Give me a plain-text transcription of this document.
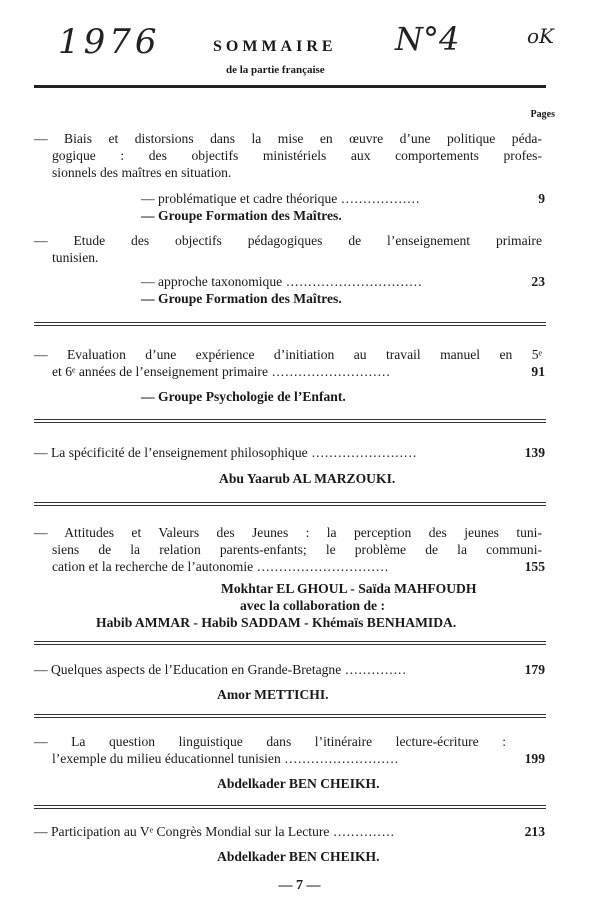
1976	N°4	oK
SOMMAIRE
de la partie française
Pages
— Biais et distorsions dans la mise en œuvre d’une politique péda-
gogique : des objectifs ministériels aux comportements profes-
sionnels des maîtres en situation.
— problématique et cadre théorique ..................	9
— Groupe Formation des Maîtres.
— Etude des objectifs pédagogiques de l’enseignement primaire
tunisien.
— approche taxonomique ...............................	23
— Groupe Formation des Maîtres.
— Evaluation d’une expérience d’initiation au travail manuel en 5ᵉ
et 6ᵉ années de l’enseignement primaire ...........................	91
— Groupe Psychologie de l’Enfant.
— La spécificité de l’enseignement philosophique ........................	139
Abu Yaarub AL MARZOUKI.
— Attitudes et Valeurs des Jeunes : la perception des jeunes tuni-
siens de la relation parents-enfants; le problème de la communi-
cation et la recherche de l’autonomie ..............................	155
Mokhtar EL GHOUL - Saïda MAHFOUDH
avec la collaboration de :
Habib AMMAR - Habib SADDAM - Khémaïs BENHAMIDA.
— Quelques aspects de l’Education en Grande-Bretagne ..............	179
Amor METTICHI.
— La question linguistique dans l’itinéraire lecture-écriture :
l’exemple du milieu éducationnel tunisien ..........................	199
Abdelkader BEN CHEIKH.
— Participation au Vᵉ Congrès Mondial sur la Lecture ..............	213
Abdelkader BEN CHEIKH.
— 7 —
